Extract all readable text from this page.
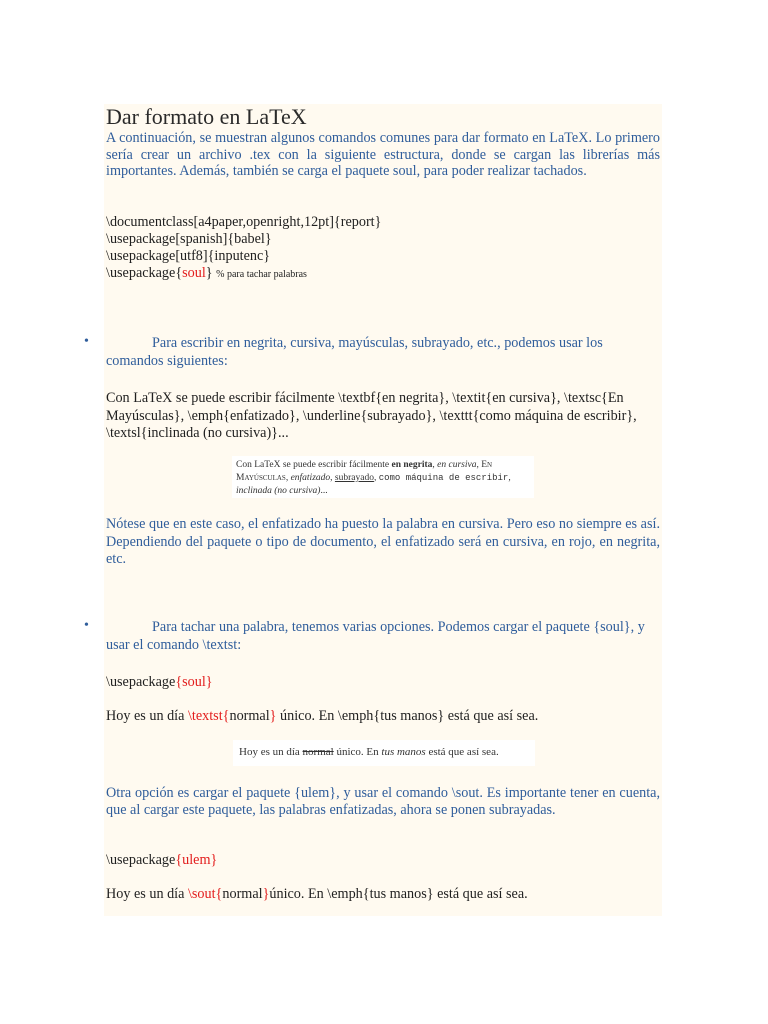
Dar formato en LaTeX
A continuación, se muestran algunos comandos comunes para dar formato en LaTeX. Lo primero sería crear un archivo .tex con la siguiente estructura, donde se cargan las librerías más importantes. Además, también se carga el paquete soul, para poder realizar tachados.
\documentclass[a4paper,openright,12pt]{report}
\usepackage[spanish]{babel}
\usepackage[utf8]{inputenc}
\usepackage{soul} % para tachar palabras
•	Para escribir en negrita, cursiva, mayúsculas, subrayado, etc., podemos usar los comandos siguientes:
Con LaTeX se puede escribir fácilmente \textbf{en negrita}, \textit{en cursiva}, \textsc{En Mayúsculas}, \emph{enfatizado}, \underline{subrayado}, \texttt{como máquina de escribir}, \textsl{inclinada (no cursiva)}...
Con LaTeX se puede escribir fácilmente en negrita, en cursiva, En Mayúsculas, enfatizado, subrayado, como máquina de escribir, inclinada (no cursiva)...
Nótese que en este caso, el enfatizado ha puesto la palabra en cursiva. Pero eso no siempre es así. Dependiendo del paquete o tipo de documento, el enfatizado será en cursiva, en rojo, en negrita, etc.
•	Para tachar una palabra, tenemos varias opciones. Podemos cargar el paquete {soul}, y usar el comando \textst:
\usepackage{soul}
Hoy es un día \textst{normal} único. En \emph{tus manos} está que así sea.
Hoy es un día normal único. En tus manos está que así sea.
Otra opción es cargar el paquete {ulem}, y usar el comando \sout. Es importante tener en cuenta, que al cargar este paquete, las palabras enfatizadas, ahora se ponen subrayadas.
\usepackage{ulem}
Hoy es un día \sout{normal}único. En \emph{tus manos} está que así sea.
